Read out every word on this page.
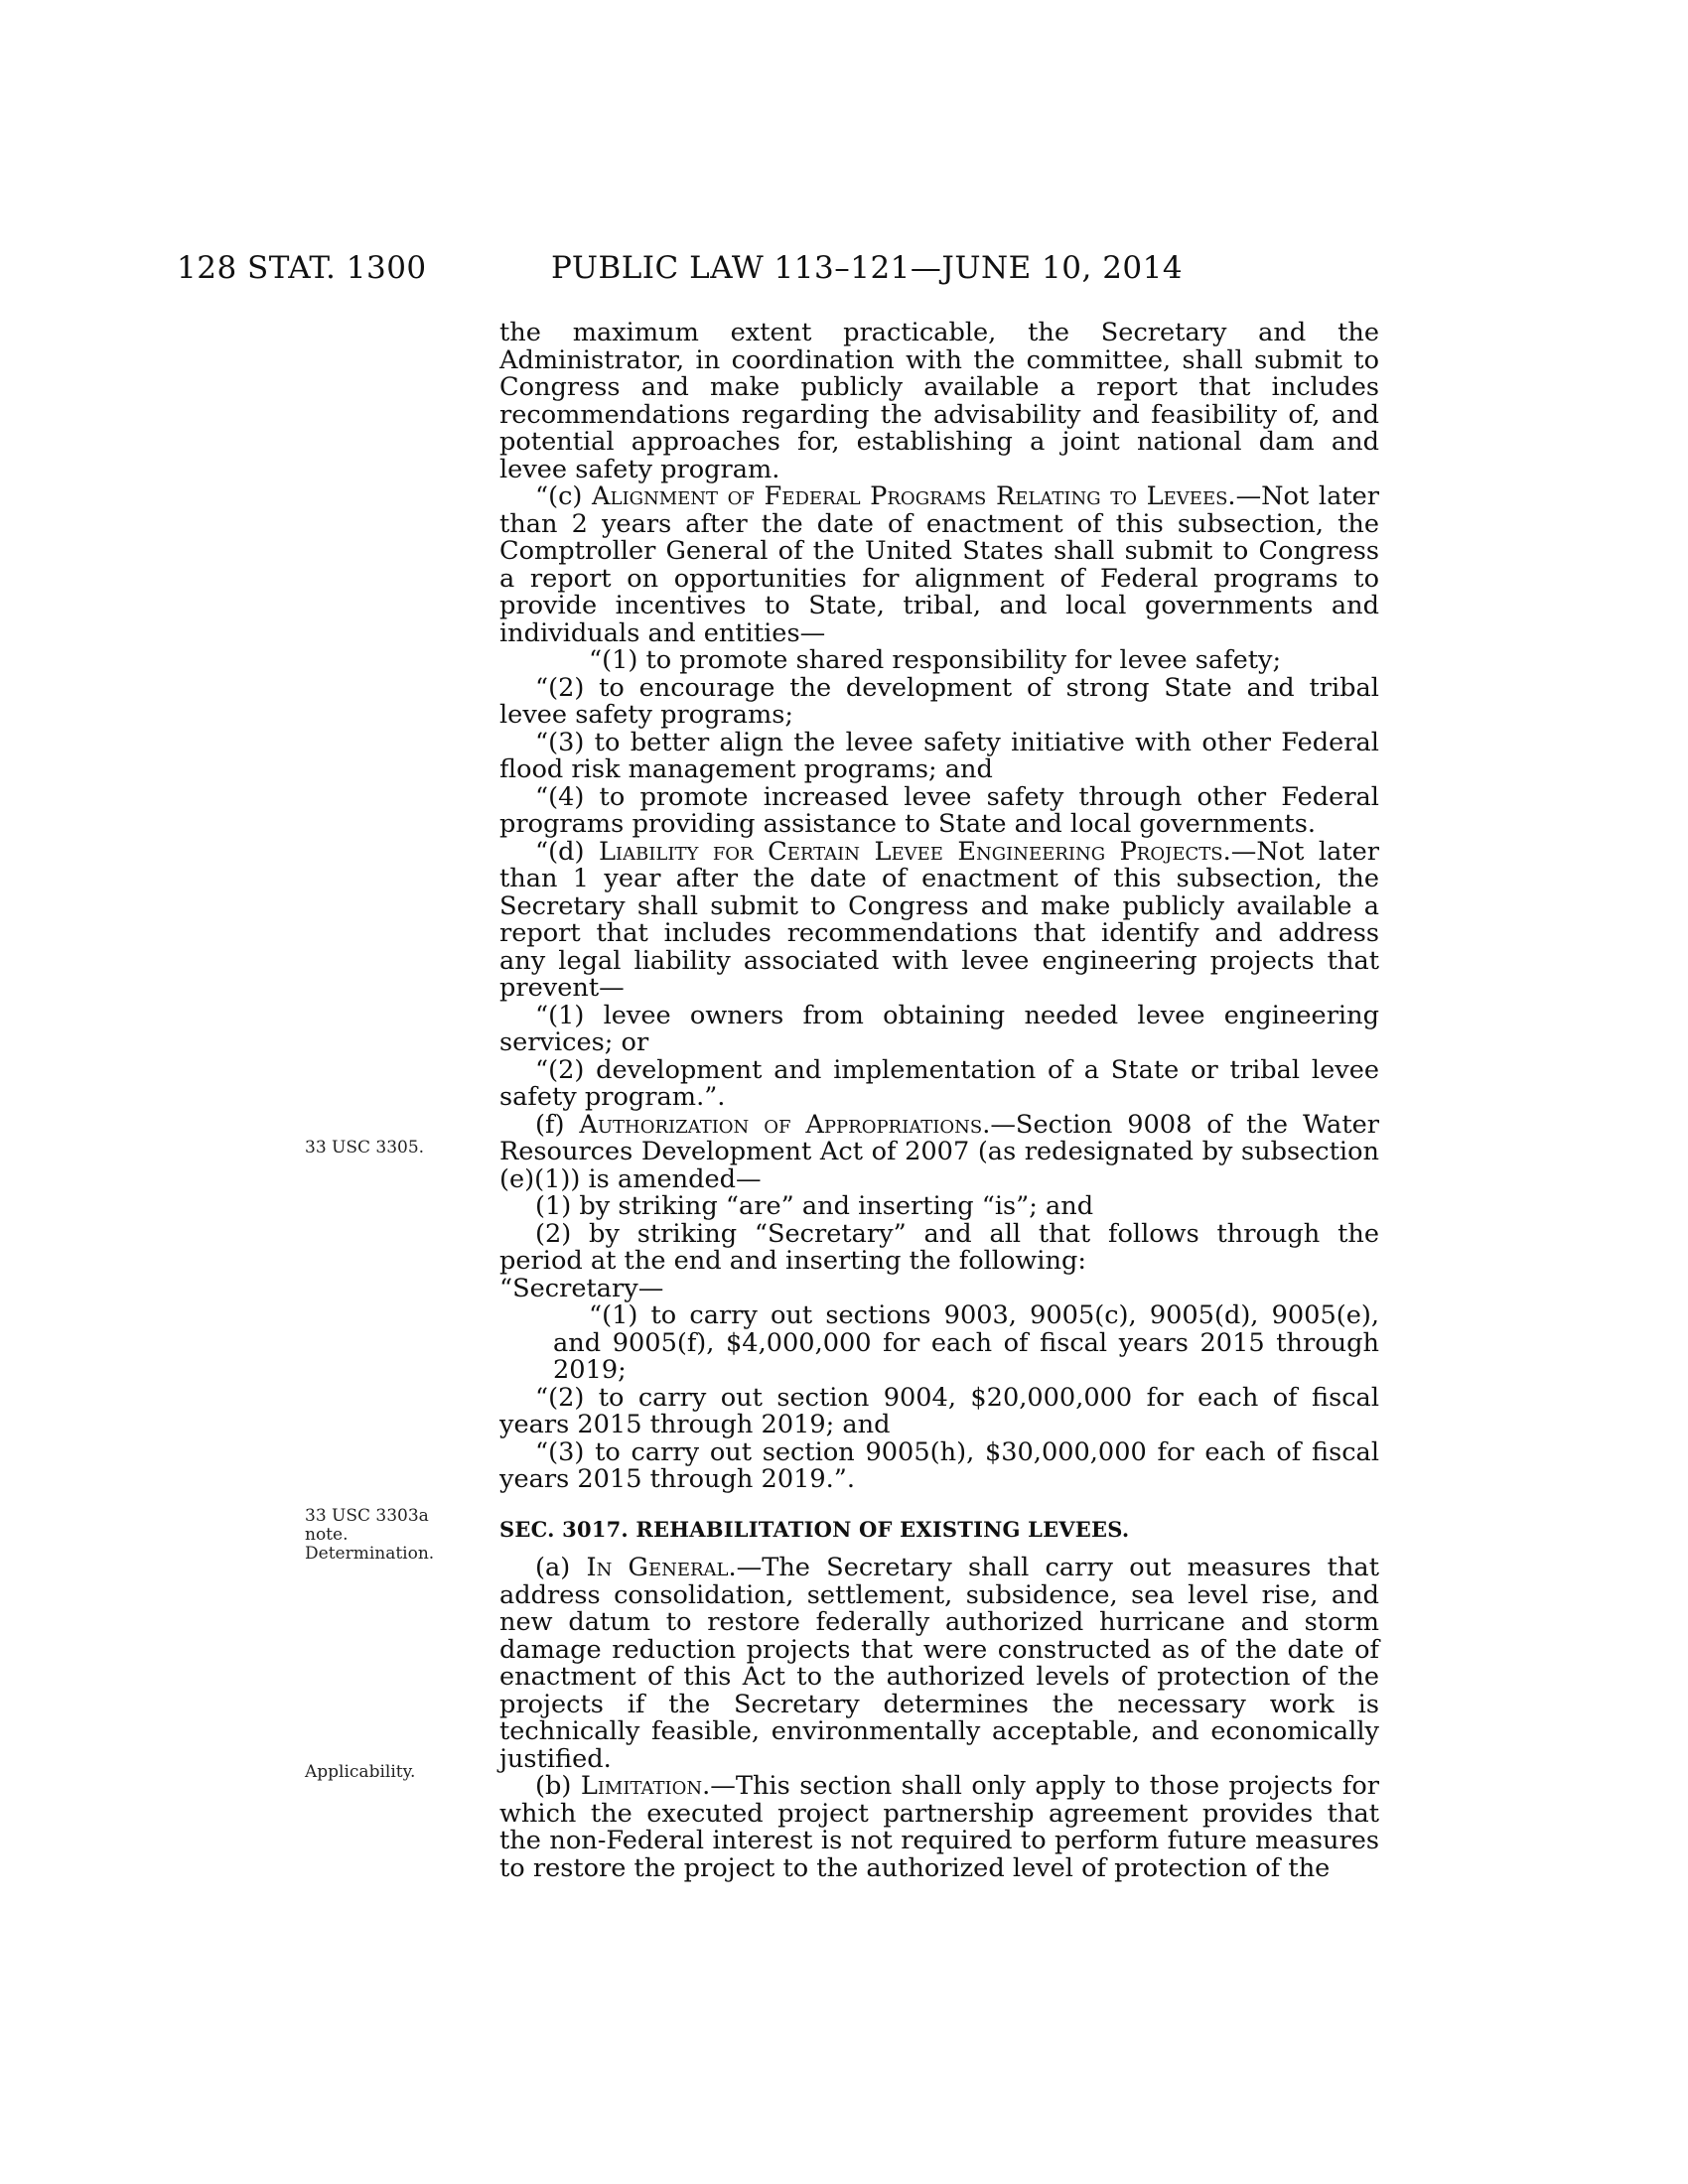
128 STAT. 1300	PUBLIC LAW 113–121—JUNE 10, 2014
33 USC 3305.
33 USC 3303a
note.
Determination.
Applicability.

the maximum extent practicable, the Secretary and the Administrator, in coordination with the committee, shall submit to Congress and make publicly available a report that includes recommendations regarding the advisability and feasibility of, and potential approaches for, establishing a joint national dam and levee safety program.

“(c) Alignment of Federal Programs Relating to Levees.—Not later than 2 years after the date of enactment of this subsection, the Comptroller General of the United States shall submit to Congress a report on opportunities for alignment of Federal programs to provide incentives to State, tribal, and local governments and individuals and entities—

“(1) to promote shared responsibility for levee safety;

“(2) to encourage the development of strong State and tribal levee safety programs;

“(3) to better align the levee safety initiative with other Federal flood risk management programs; and

“(4) to promote increased levee safety through other Federal programs providing assistance to State and local governments.

“(d) Liability for Certain Levee Engineering Projects.—Not later than 1 year after the date of enactment of this subsection, the Secretary shall submit to Congress and make publicly available a report that includes recommendations that identify and address any legal liability associated with levee engineering projects that prevent—

“(1) levee owners from obtaining needed levee engineering services; or

“(2) development and implementation of a State or tribal levee safety program.”.

(f) Authorization of Appropriations.—Section 9008 of the Water Resources Development Act of 2007 (as redesignated by subsection (e)(1)) is amended—

(1) by striking “are” and inserting “is”; and

(2) by striking “Secretary” and all that follows through the period at the end and inserting the following:

“Secretary—

“(1) to carry out sections 9003, 9005(c), 9005(d), 9005(e), and 9005(f), $4,000,000 for each of fiscal years 2015 through 2019;

“(2) to carry out section 9004, $20,000,000 for each of fiscal years 2015 through 2019; and

“(3) to carry out section 9005(h), $30,000,000 for each of fiscal years 2015 through 2019.”.

SEC. 3017. REHABILITATION OF EXISTING LEVEES.

(a) In General.—The Secretary shall carry out measures that address consolidation, settlement, subsidence, sea level rise, and new datum to restore federally authorized hurricane and storm damage reduction projects that were constructed as of the date of enactment of this Act to the authorized levels of protection of the projects if the Secretary determines the necessary work is technically feasible, environmentally acceptable, and economically justified.

(b) Limitation.—This section shall only apply to those projects for which the executed project partnership agreement provides that the non-Federal interest is not required to perform future measures to restore the project to the authorized level of protection of the
